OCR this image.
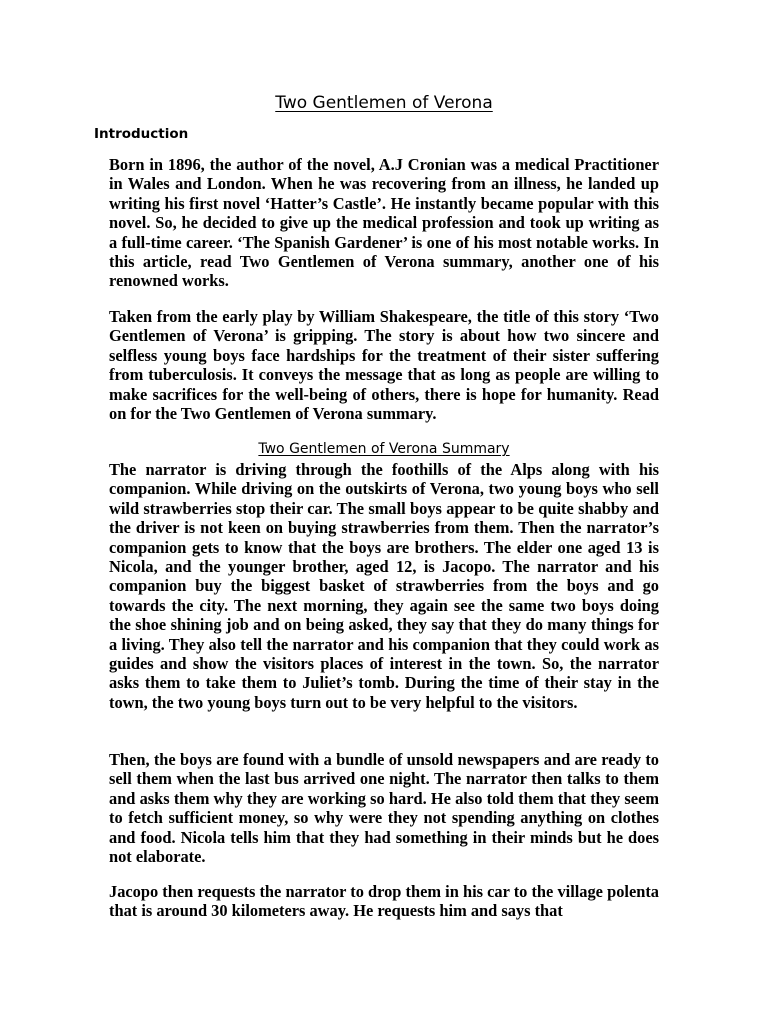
Two Gentlemen of Verona
Introduction

Born in 1896, the author of the novel, A.J Cronian was a medical Practitioner in Wales and London. When he was recovering from an illness, he landed up writing his first novel ‘Hatter’s Castle’. He instantly became popular with this novel. So, he decided to give up the medical profession and took up writing as a full-time career. ‘The Spanish Gardener’ is one of his most notable works. In this article, read Two Gentlemen of Verona summary, another one of his renowned works.

Taken from the early play by William Shakespeare, the title of this story ‘Two Gentlemen of Verona’ is gripping. The story is about how two sincere and selfless young boys face hardships for the treatment of their sister suffering from tuberculosis. It conveys the message that as long as people are willing to make sacrifices for the well-being of others, there is hope for humanity. Read on for the Two Gentlemen of Verona summary.

Two Gentlemen of Verona Summary

The narrator is driving through the foothills of the Alps along with his companion. While driving on the outskirts of Verona, two young boys who sell wild strawberries stop their car. The small boys appear to be quite shabby and the driver is not keen on buying strawberries from them. Then the narrator’s companion gets to know that the boys are brothers. The elder one aged 13 is Nicola, and the younger brother, aged 12, is Jacopo. The narrator and his companion buy the biggest basket of strawberries from the boys and go towards the city. The next morning, they again see the same two boys doing the shoe shining job and on being asked, they say that they do many things for a living. They also tell the narrator and his companion that they could work as guides and show the visitors places of interest in the town. So, the narrator asks them to take them to Juliet’s tomb. During the time of their stay in the town, the two young boys turn out to be very helpful to the visitors.

Then, the boys are found with a bundle of unsold newspapers and are ready to sell them when the last bus arrived one night. The narrator then talks to them and asks them why they are working so hard. He also told them that they seem to fetch sufficient money, so why were they not spending anything on clothes and food. Nicola tells him that they had something in their minds but he does not elaborate.

Jacopo then requests the narrator to drop them in his car to the village polenta that is around 30 kilometers away. He requests him and says that
